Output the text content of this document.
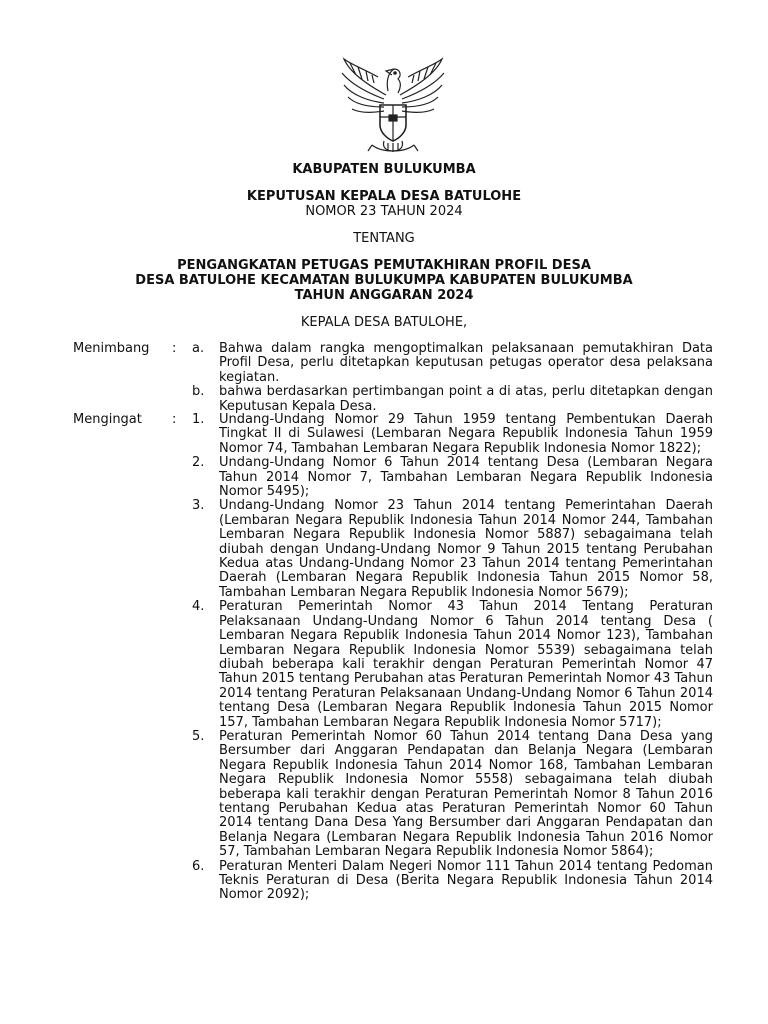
KABUPATEN BULUKUMBA
KEPUTUSAN KEPALA DESA BATULOHE
NOMOR 23 TAHUN 2024
TENTANG
PENGANGKATAN PETUGAS PEMUTAKHIRAN PROFIL DESA
DESA BATULOHE KECAMATAN BULUKUMPA KABUPATEN BULUKUMBA
TAHUN ANGGARAN 2024
KEPALA DESA BATULOHE,
Menimbang : a. Bahwa dalam rangka mengoptimalkan pelaksanaan pemutakhiran Data Profil Desa, perlu ditetapkan keputusan petugas operator desa pelaksana kegiatan.
b. bahwa berdasarkan pertimbangan point a di atas, perlu ditetapkan dengan Keputusan Kepala Desa.
Mengingat : 1. Undang-Undang Nomor 29 Tahun 1959 tentang Pembentukan Daerah Tingkat II di Sulawesi (Lembaran Negara Republik Indonesia Tahun 1959 Nomor 74, Tambahan Lembaran Negara Republik Indonesia Nomor 1822);
2. Undang-Undang Nomor 6 Tahun 2014 tentang Desa (Lembaran Negara Tahun 2014 Nomor 7, Tambahan Lembaran Negara Republik Indonesia Nomor 5495);
3. Undang-Undang Nomor 23 Tahun 2014 tentang Pemerintahan Daerah (Lembaran Negara Republik Indonesia Tahun 2014 Nomor 244, Tambahan Lembaran Negara Republik Indonesia Nomor 5887) sebagaimana telah diubah dengan Undang-Undang Nomor 9 Tahun 2015 tentang Perubahan Kedua atas Undang-Undang Nomor 23 Tahun 2014 tentang Pemerintahan Daerah (Lembaran Negara Republik Indonesia Tahun 2015 Nomor 58, Tambahan Lembaran Negara Republik Indonesia Nomor 5679);
4. Peraturan Pemerintah Nomor 43 Tahun 2014 Tentang Peraturan Pelaksanaan Undang-Undang Nomor 6 Tahun 2014 tentang Desa ( Lembaran Negara Republik Indonesia Tahun 2014 Nomor 123), Tambahan Lembaran Negara Republik Indonesia Nomor 5539) sebagaimana telah diubah beberapa kali terakhir dengan Peraturan Pemerintah Nomor 47 Tahun 2015 tentang Perubahan atas Peraturan Pemerintah Nomor 43 Tahun 2014 tentang Peraturan Pelaksanaan Undang-Undang Nomor 6 Tahun 2014 tentang Desa (Lembaran Negara Republik Indonesia Tahun 2015 Nomor 157, Tambahan Lembaran Negara Republik Indonesia Nomor 5717);
5. Peraturan Pemerintah Nomor 60 Tahun 2014 tentang Dana Desa yang Bersumber dari Anggaran Pendapatan dan Belanja Negara (Lembaran Negara Republik Indonesia Tahun 2014 Nomor 168, Tambahan Lembaran Negara Republik Indonesia Nomor 5558) sebagaimana telah diubah beberapa kali terakhir dengan Peraturan Pemerintah Nomor 8 Tahun 2016 tentang Perubahan Kedua atas Peraturan Pemerintah Nomor 60 Tahun 2014 tentang Dana Desa Yang Bersumber dari Anggaran Pendapatan dan Belanja Negara (Lembaran Negara Republik Indonesia Tahun 2016 Nomor 57, Tambahan Lembaran Negara Republik Indonesia Nomor 5864);
6. Peraturan Menteri Dalam Negeri Nomor 111 Tahun 2014 tentang Pedoman Teknis Peraturan di Desa (Berita Negara Republik Indonesia Tahun 2014 Nomor 2092);
